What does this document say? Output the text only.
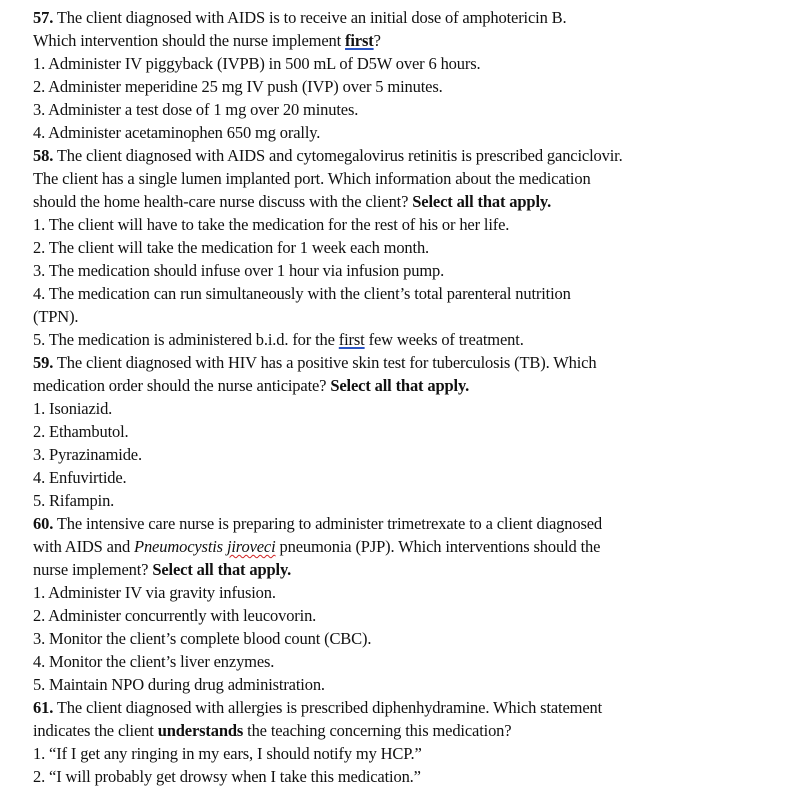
57. The client diagnosed with AIDS is to receive an initial dose of amphotericin B.
Which intervention should the nurse implement first?
1. Administer IV piggyback (IVPB) in 500 mL of D5W over 6 hours.
2. Administer meperidine 25 mg IV push (IVP) over 5 minutes.
3. Administer a test dose of 1 mg over 20 minutes.
4. Administer acetaminophen 650 mg orally.
58. The client diagnosed with AIDS and cytomegalovirus retinitis is prescribed ganciclovir.
The client has a single lumen implanted port. Which information about the medication
should the home health-care nurse discuss with the client? Select all that apply.
1. The client will have to take the medication for the rest of his or her life.
2. The client will take the medication for 1 week each month.
3. The medication should infuse over 1 hour via infusion pump.
4. The medication can run simultaneously with the client’s total parenteral nutrition
(TPN).
5. The medication is administered b.i.d. for the first few weeks of treatment.
59. The client diagnosed with HIV has a positive skin test for tuberculosis (TB). Which
medication order should the nurse anticipate? Select all that apply.
1. Isoniazid.
2. Ethambutol.
3. Pyrazinamide.
4. Enfuvirtide.
5. Rifampin.
60. The intensive care nurse is preparing to administer trimetrexate to a client diagnosed
with AIDS and Pneumocystis jiroveci pneumonia (PJP). Which interventions should the
nurse implement? Select all that apply.
1. Administer IV via gravity infusion.
2. Administer concurrently with leucovorin.
3. Monitor the client’s complete blood count (CBC).
4. Monitor the client’s liver enzymes.
5. Maintain NPO during drug administration.
61. The client diagnosed with allergies is prescribed diphenhydramine. Which statement
indicates the client understands the teaching concerning this medication?
1. “If I get any ringing in my ears, I should notify my HCP.”
2. “I will probably get drowsy when I take this medication.”
